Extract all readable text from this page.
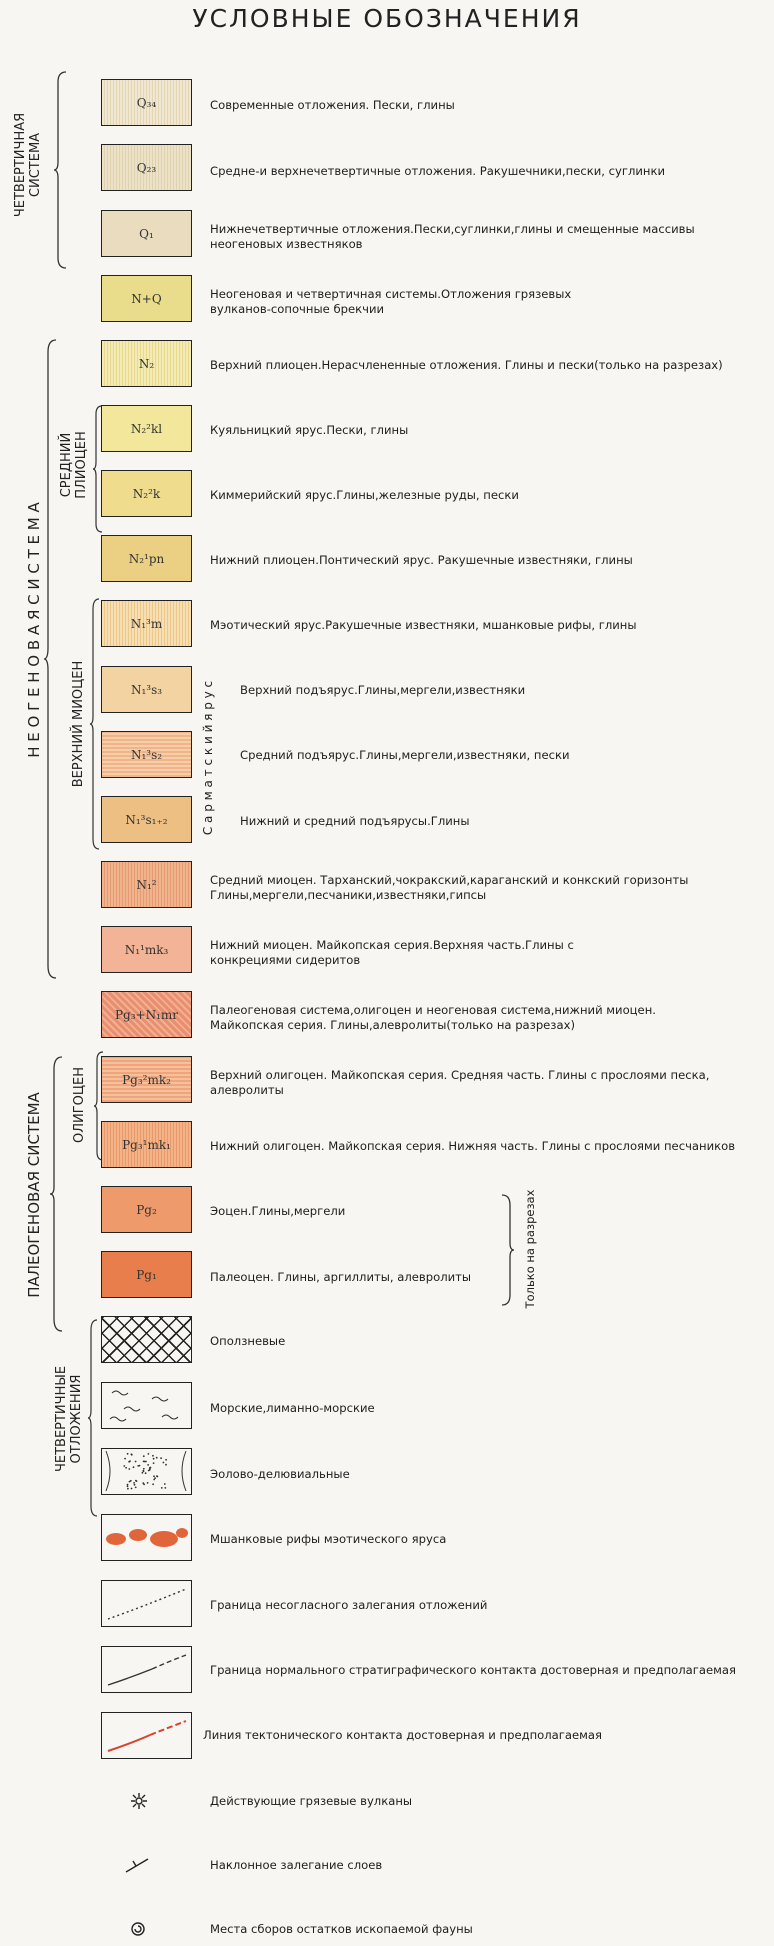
УСЛОВНЫЕ ОБОЗНАЧЕНИЯ
ЧЕТВЕРТИЧНАЯ СИСТЕМА
Н Е О Г Е Н О В А Я С И С Т Е М А
СРЕДНИЙ ПЛИОЦЕН
ВЕРХНИЙ МИОЦЕН	С а р м а т с к и й я р у с
ПАЛЕОГЕНОВАЯ СИСТЕМА ОЛИГОЦЕН
Только на разрезах
ЧЕТВЕРТИЧНЫЕ ОТЛОЖЕНИЯ
Q₃₄	Современные отложения. Пески, глины
Q₂₃	Средне-и верхнечетвертичные отложения. Ракушечники,пески, суглинки
Q₁	Нижнечетвертичные отложения.Пески,суглинки,глины и смещенные массивы неогеновых известняков
N+Q	Неогеновая и четвертичная системы.Отложения грязевых вулканов-сопочные брекчии
N₂	Верхний плиоцен.Нерасчлененные отложения. Глины и пески(только на разрезах)
N₂²kl	Куяльницкий ярус.Пески, глины
N₂²k	Киммерийский ярус.Глины,железные руды, пески
N₂¹pn	Нижний плиоцен.Понтический ярус. Ракушечные известняки, глины
N₁³m	Мэотический ярус.Ракушечные известняки, мшанковые рифы, глины
N₁³s₃	Верхний подъярус.Глины,мергели,известняки
N₁³s₂	Средний подъярус.Глины,мергели,известняки, пески
N₁³s₁₊₂	Нижний и средний подъярусы.Глины
N₁²	Средний миоцен. Тарханский,чокракский,караганский и конкский горизонты Глины,мергели,песчаники,известняки,гипсы
N₁¹mk₃	Нижний миоцен. Майкопская серия.Верхняя часть.Глины с конкрециями сидеритов
Pg₃+N₁mr	Палеогеновая система,олигоцен и неогеновая система,нижний миоцен. Майкопская серия. Глины,алевролиты(только на разрезах)
Pg₃²mk₂	Верхний олигоцен. Майкопская серия. Средняя часть. Глины с прослоями песка, алевролиты
Pg₃¹mk₁	Нижний олигоцен. Майкопская серия. Нижняя часть. Глины с прослоями песчаников
Pg₂	Эоцен.Глины,мергели
Pg₁	Палеоцен. Глины, аргиллиты, алевролиты
Оползневые
Морские,лиманно-морские
Эолово-делювиальные
Мшанковые рифы мэотического яруса
Граница несогласного залегания отложений
Граница нормального стратиграфического контакта достоверная и предполагаемая
Линия тектонического контакта достоверная и предполагаемая
Действующие грязевые вулканы
Наклонное залегание слоев
Места сборов остатков ископаемой фауны
